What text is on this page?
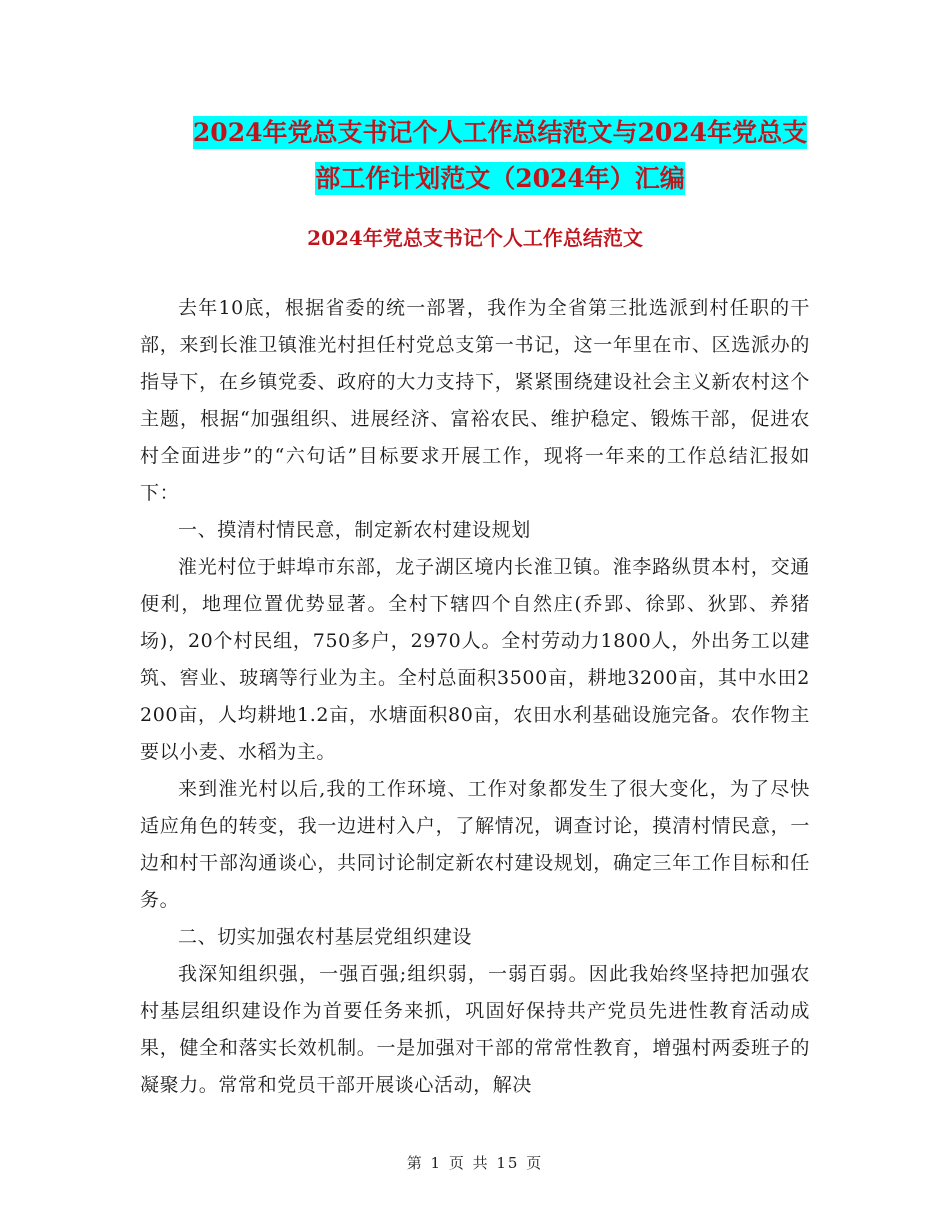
2024年党总支书记个人工作总结范文与2024年党总支
部工作计划范文（2024年）汇编
2024年党总支书记个人工作总结范文

去年10底，根据省委的统一部署，我作为全省第三批选派到村任职的干部，来到长淮卫镇淮光村担任村党总支第一书记，这一年里在市、区选派办的指导下，在乡镇党委、政府的大力支持下，紧紧围绕建设社会主义新农村这个主题，根据“加强组织、进展经济、富裕农民、维护稳定、锻炼干部，促进农村全面进步”的“六句话”目标要求开展工作，现将一年来的工作总结汇报如下：

一、摸清村情民意，制定新农村建设规划

淮光村位于蚌埠市东部，龙子湖区境内长淮卫镇。淮李路纵贯本村，交通便利，地理位置优势显著。全村下辖四个自然庄(乔郢、徐郢、狄郢、养猪场)，20个村民组，750多户，2970人。全村劳动力1800人，外出务工以建筑、窖业、玻璃等行业为主。全村总面积3500亩，耕地3200亩，其中水田2200亩，人均耕地1.2亩，水塘面积80亩，农田水利基础设施完备。农作物主要以小麦、水稻为主。

来到淮光村以后,我的工作环境、工作对象都发生了很大变化，为了尽快适应角色的转变，我一边进村入户，了解情况，调查讨论，摸清村情民意，一边和村干部沟通谈心，共同讨论制定新农村建设规划，确定三年工作目标和任务。

二、切实加强农村基层党组织建设

我深知组织强，一强百强;组织弱，一弱百弱。因此我始终坚持把加强农村基层组织建设作为首要任务来抓，巩固好保持共产党员先进性教育活动成果，健全和落实长效机制。一是加强对干部的常常性教育，增强村两委班子的凝聚力。常常和党员干部开展谈心活动，解决

第 1 页 共 15 页
